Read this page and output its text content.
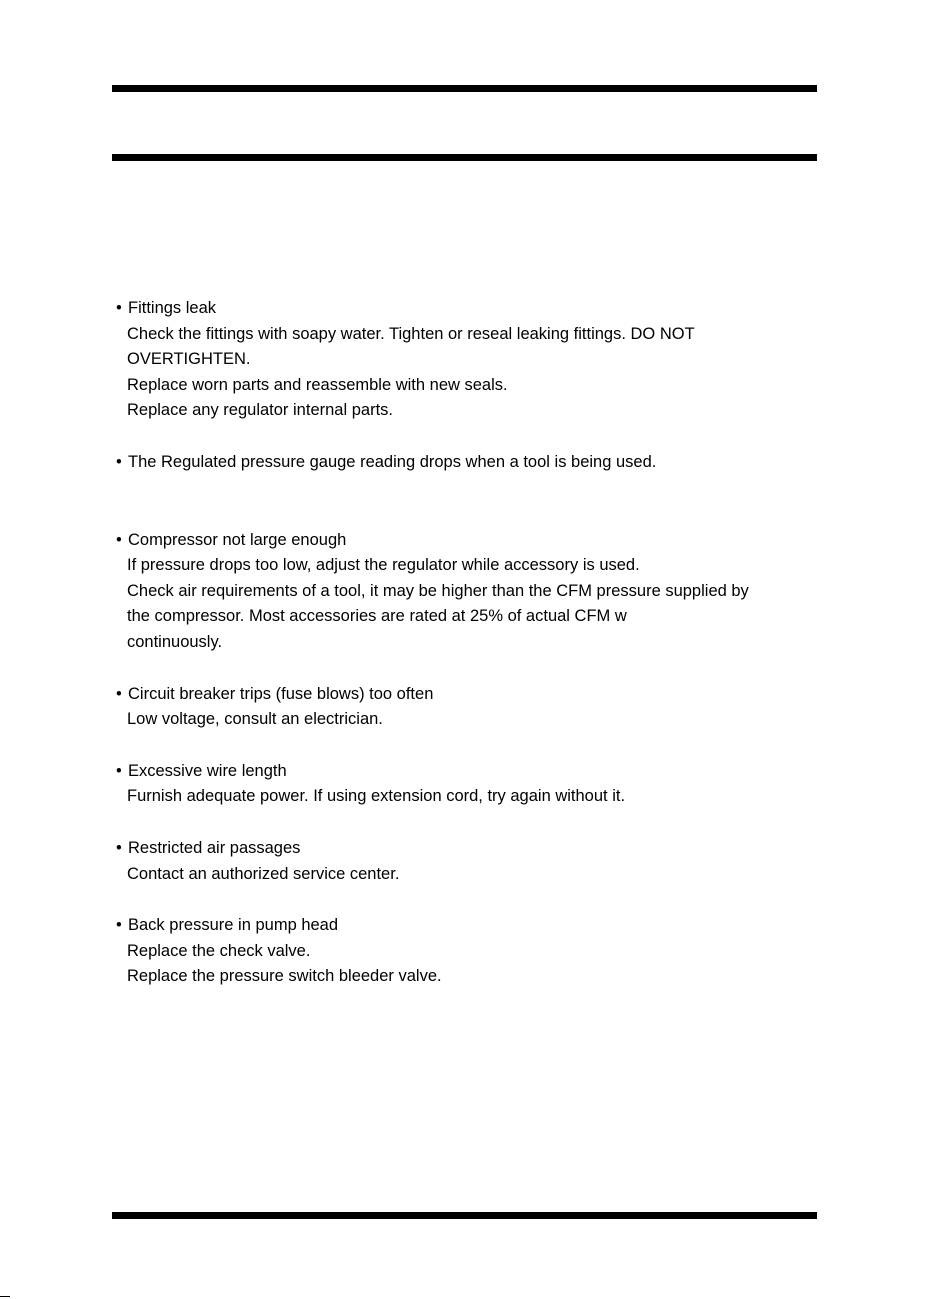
• Fittings leak
Check the fittings with soapy water. Tighten or reseal leaking fittings. DO NOT
OVERTIGHTEN.
Replace worn parts and reassemble with new seals.
Replace any regulator internal parts.
• The Regulated pressure gauge reading drops when a tool is being used.
• Compressor not large enough
If pressure drops too low, adjust the regulator while accessory is used.
Check air requirements of a tool, it may be higher than the CFM pressure supplied by
the compressor. Most accessories are rated at 25% of actual CFM w
continuously.
• Circuit breaker trips (fuse blows) too often
Low voltage, consult an electrician.
• Excessive wire length
Furnish adequate power. If using extension cord, try again without it.
• Restricted air passages
Contact an authorized service center.
• Back pressure in pump head
Replace the check valve.
Replace the pressure switch bleeder valve.
